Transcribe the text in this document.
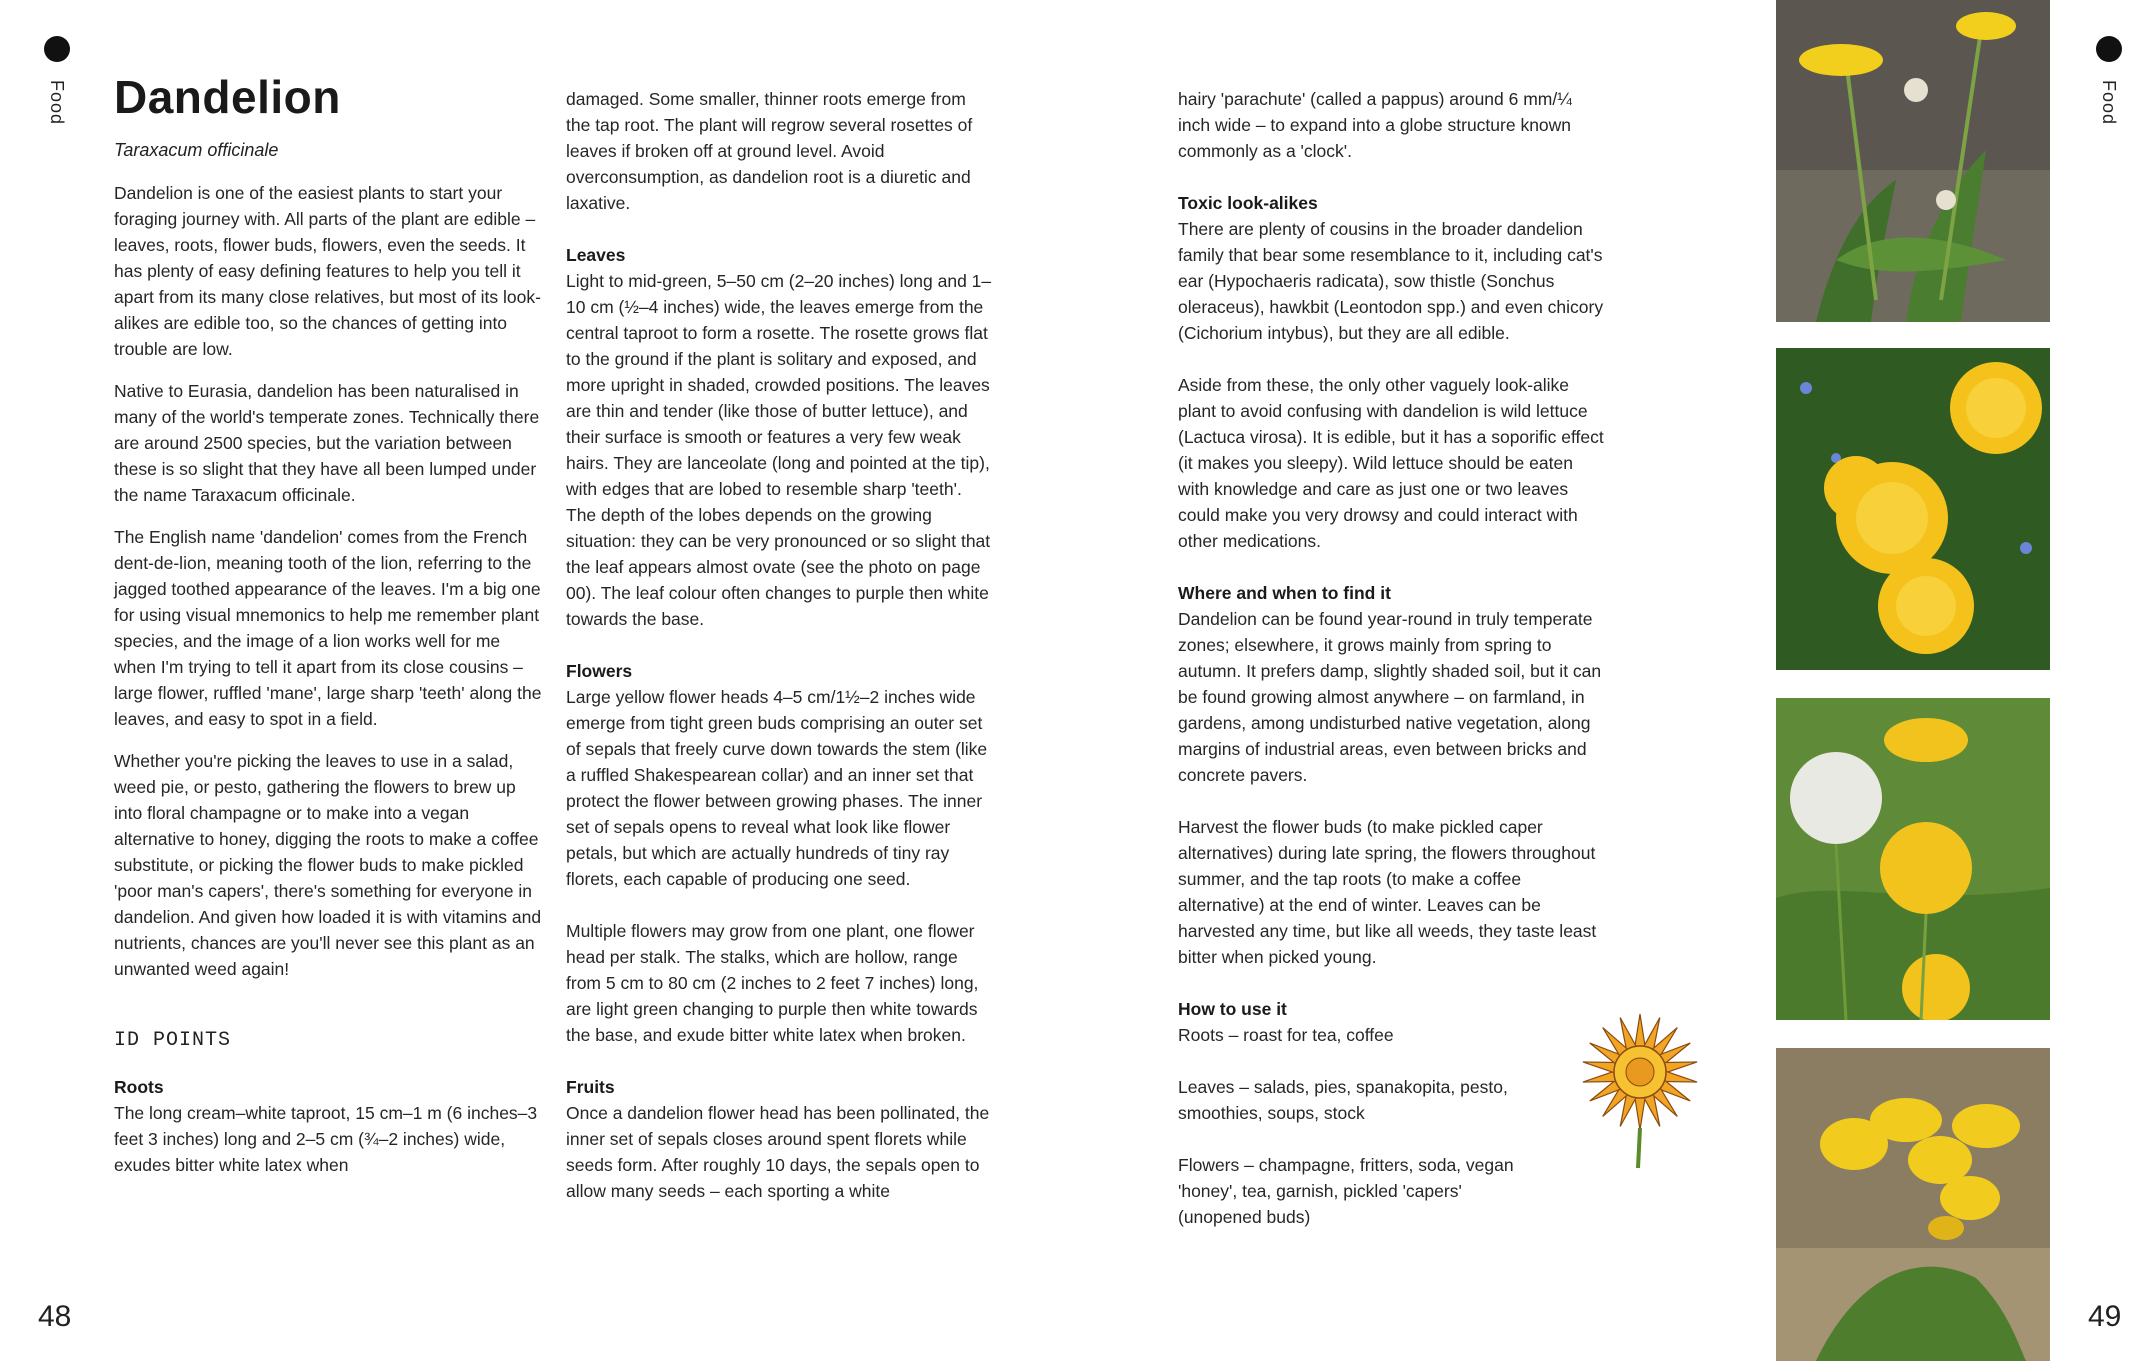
Food
48
Dandelion
Taraxacum officinale

Dandelion is one of the easiest plants to start your foraging journey with. All parts of the plant are edible – leaves, roots, flower buds, flowers, even the seeds. It has plenty of easy defining features to help you tell it apart from its many close relatives, but most of its look-alikes are edible too, so the chances of getting into trouble are low.

Native to Eurasia, dandelion has been naturalised in many of the world's temperate zones. Technically there are around 2500 species, but the variation between these is so slight that they have all been lumped under the name Taraxacum officinale.

The English name 'dandelion' comes from the French dent-de-lion, meaning tooth of the lion, referring to the jagged toothed appearance of the leaves. I'm a big one for using visual mnemonics to help me remember plant species, and the image of a lion works well for me when I'm trying to tell it apart from its close cousins – large flower, ruffled 'mane', large sharp 'teeth' along the leaves, and easy to spot in a field.

Whether you're picking the leaves to use in a salad, weed pie, or pesto, gathering the flowers to brew up into floral champagne or to make into a vegan alternative to honey, digging the roots to make a coffee substitute, or picking the flower buds to make pickled 'poor man's capers', there's something for everyone in dandelion. And given how loaded it is with vitamins and nutrients, chances are you'll never see this plant as an unwanted weed again!

ID POINTS
Roots
The long cream–white taproot, 15 cm–1 m (6 inches–3 feet 3 inches) long and 2–5 cm (¾–2 inches) wide, exudes bitter white latex when

damaged. Some smaller, thinner roots emerge from the tap root. The plant will regrow several rosettes of leaves if broken off at ground level. Avoid overconsumption, as dandelion root is a diuretic and laxative.

Leaves

Light to mid-green, 5–50 cm (2–20 inches) long and 1–10 cm (½–4 inches) wide, the leaves emerge from the central taproot to form a rosette. The rosette grows flat to the ground if the plant is solitary and exposed, and more upright in shaded, crowded positions. The leaves are thin and tender (like those of butter lettuce), and their surface is smooth or features a very few weak hairs. They are lanceolate (long and pointed at the tip), with edges that are lobed to resemble sharp 'teeth'. The depth of the lobes depends on the growing situation: they can be very pronounced or so slight that the leaf appears almost ovate (see the photo on page 00). The leaf colour often changes to purple then white towards the base.

Flowers

Large yellow flower heads 4–5 cm/1½–2 inches wide emerge from tight green buds comprising an outer set of sepals that freely curve down towards the stem (like a ruffled Shakespearean collar) and an inner set that protect the flower between growing phases. The inner set of sepals opens to reveal what look like flower petals, but which are actually hundreds of tiny ray florets, each capable of producing one seed.

Multiple flowers may grow from one plant, one flower head per stalk. The stalks, which are hollow, range from 5 cm to 80 cm (2 inches to 2 feet 7 inches) long, are light green changing to purple then white towards the base, and exude bitter white latex when broken.

Fruits
Once a dandelion flower head has been pollinated, the inner set of sepals closes around spent florets while seeds form. After roughly 10 days, the sepals open to allow many seeds – each sporting a white

hairy 'parachute' (called a pappus) around 6 mm/¼ inch wide – to expand into a globe structure known commonly as a 'clock'.

Toxic look-alikes

There are plenty of cousins in the broader dandelion family that bear some resemblance to it, including cat's ear (Hypochaeris radicata), sow thistle (Sonchus oleraceus), hawkbit (Leontodon spp.) and even chicory (Cichorium intybus), but they are all edible.

Aside from these, the only other vaguely look-alike plant to avoid confusing with dandelion is wild lettuce (Lactuca virosa). It is edible, but it has a soporific effect (it makes you sleepy). Wild lettuce should be eaten with knowledge and care as just one or two leaves could make you very drowsy and could interact with other medications.

Where and when to find it

Dandelion can be found year-round in truly temperate zones; elsewhere, it grows mainly from spring to autumn. It prefers damp, slightly shaded soil, but it can be found growing almost anywhere – on farmland, in gardens, among undisturbed native vegetation, along margins of industrial areas, even between bricks and concrete pavers.

Harvest the flower buds (to make pickled caper alternatives) during late spring, the flowers throughout summer, and the tap roots (to make a coffee alternative) at the end of winter. Leaves can be harvested any time, but like all weeds, they taste least bitter when picked young.

How to use it

Roots – roast for tea, coffee

Leaves – salads, pies, spanakopita, pesto, smoothies, soups, stock

Flowers – champagne, fritters, soda, vegan 'honey', tea, garnish, pickled 'capers' (unopened buds)

Food
49
